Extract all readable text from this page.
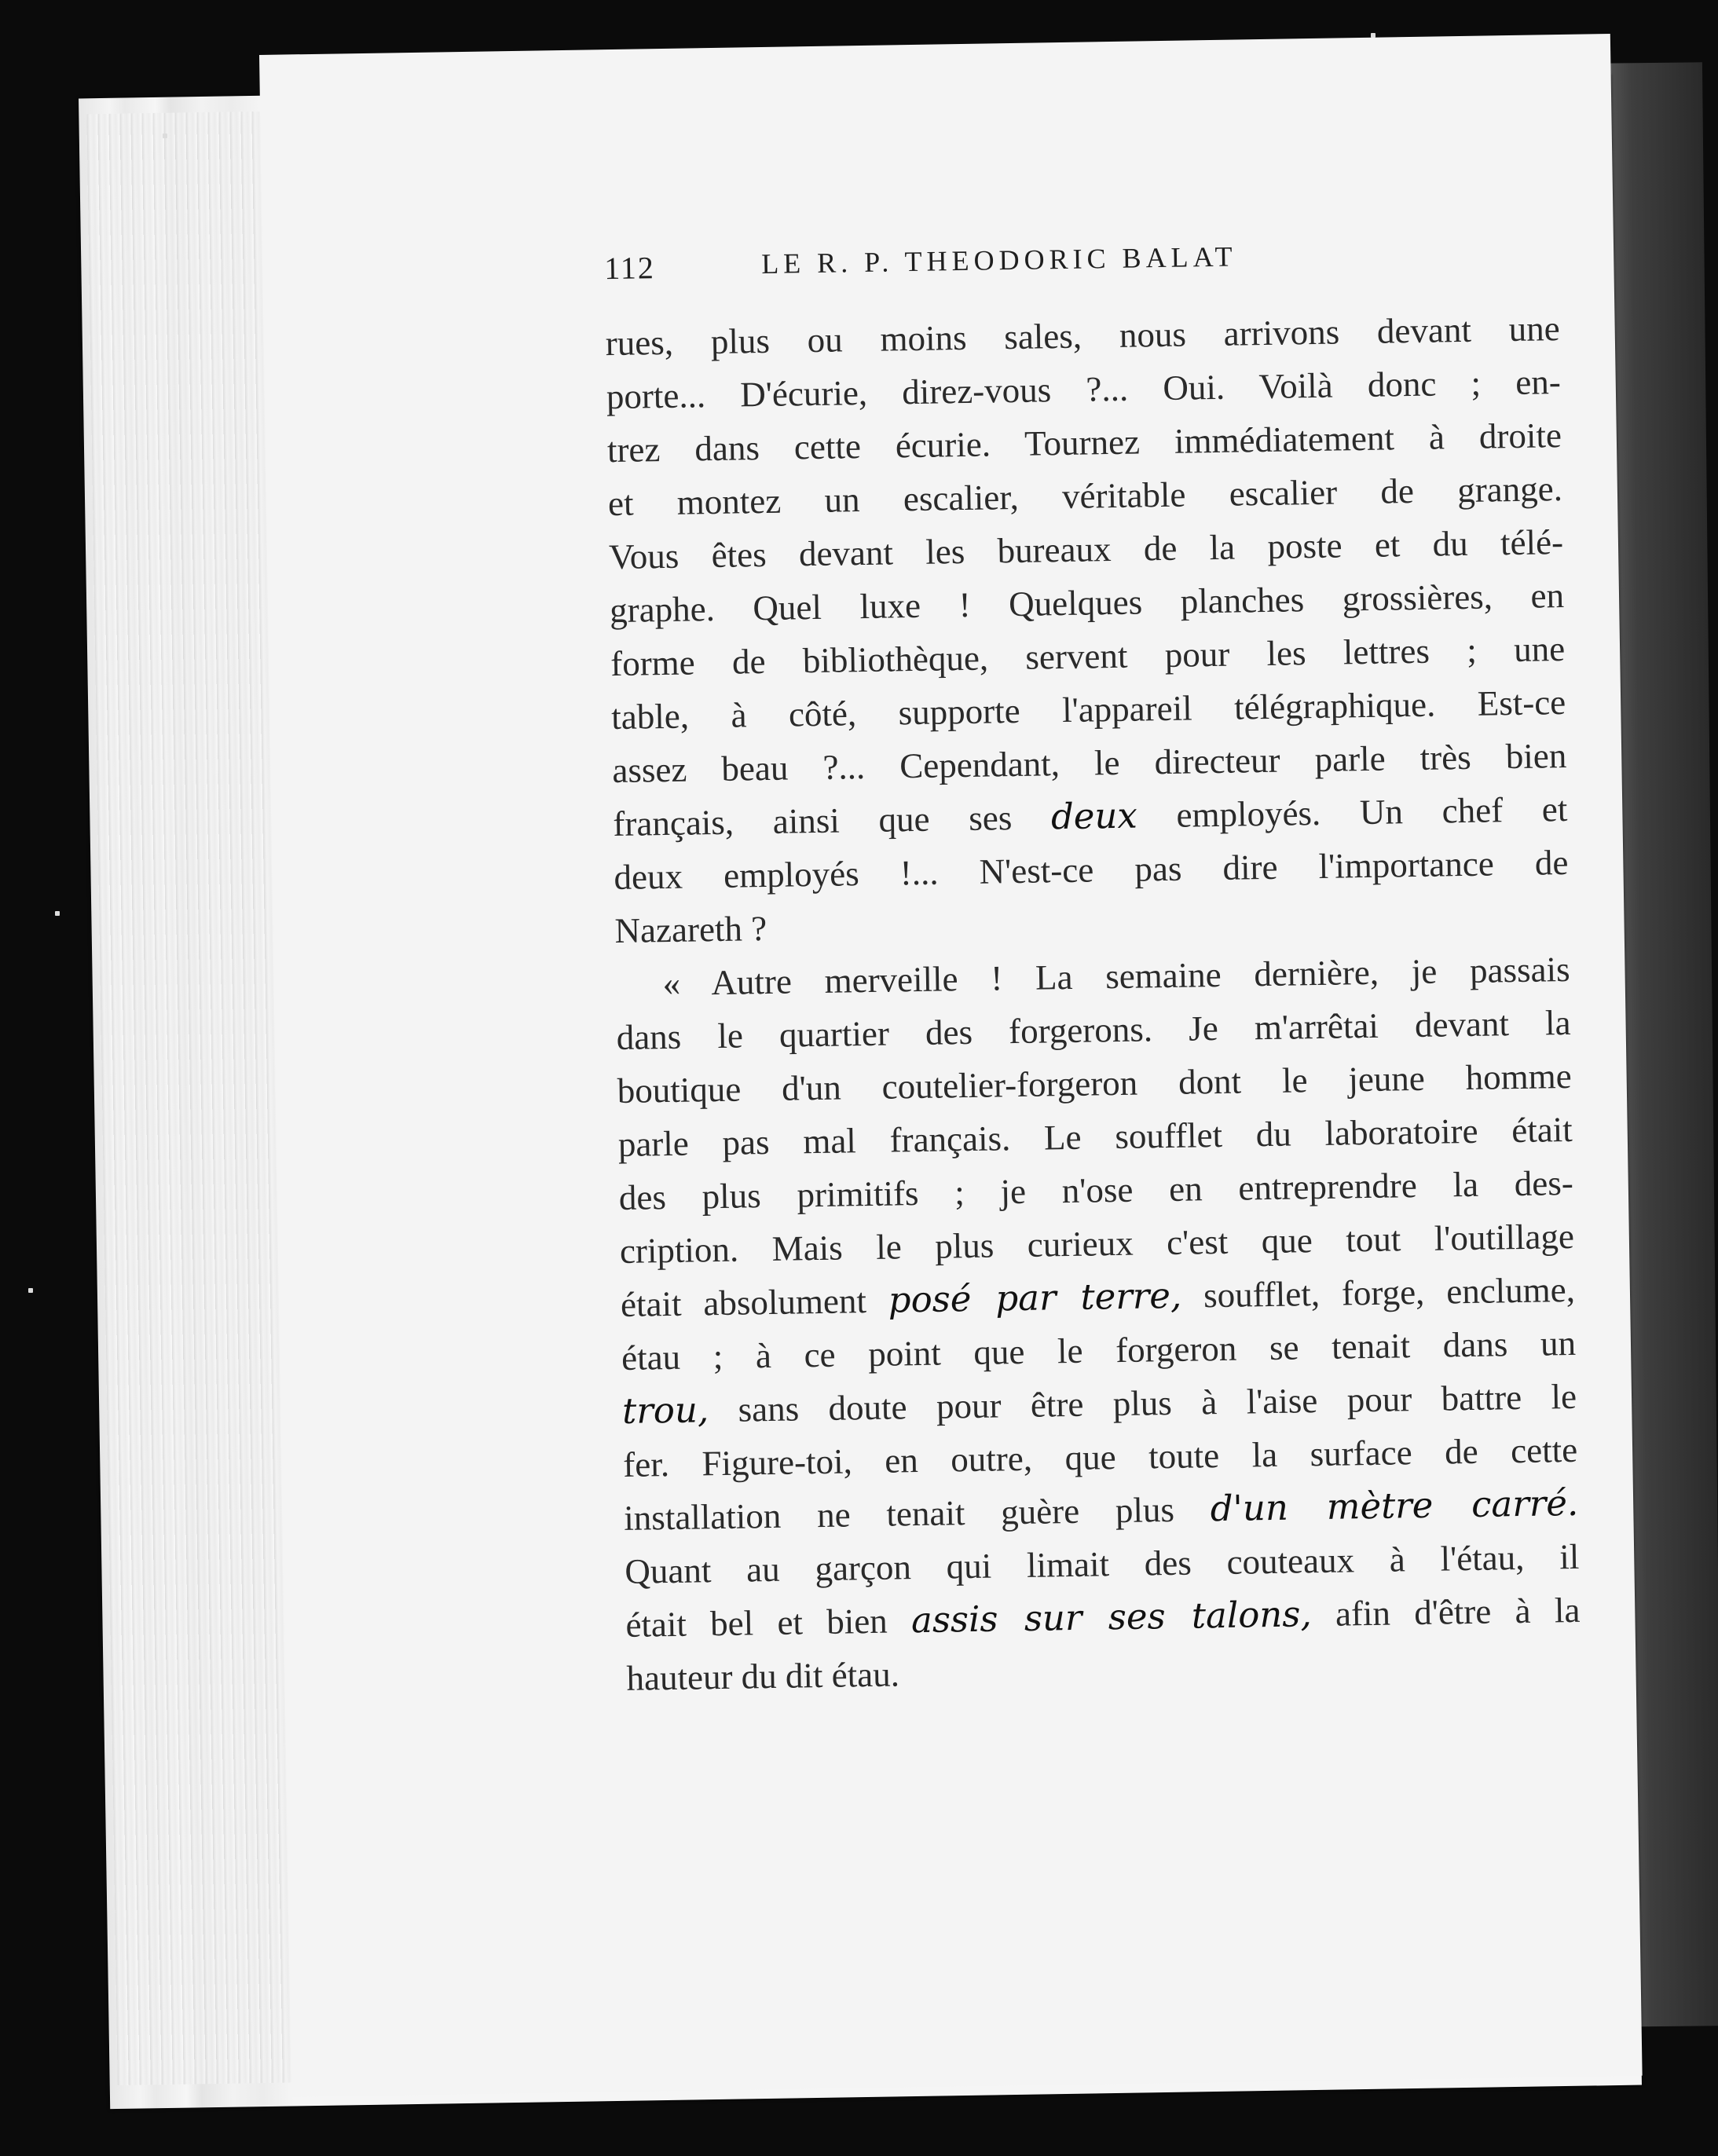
112	LE R. P. THEODORIC BALAT
rues, plus ou moins sales, nous arrivons devant une
porte... D'écurie, direz-vous ?... Oui. Voilà donc ; en-
trez dans cette écurie. Tournez immédiatement à droite
et montez un escalier, véritable escalier de grange.
Vous êtes devant les bureaux de la poste et du télé-
graphe. Quel luxe ! Quelques planches grossières, en
forme de bibliothèque, servent pour les lettres ; une
table, à côté, supporte l'appareil télégraphique. Est-ce
assez beau ?... Cependant, le directeur parle très bien
français, ainsi que ses deux employés. Un chef et
deux employés !... N'est-ce pas dire l'importance de
Nazareth ?
« Autre merveille ! La semaine dernière, je passais
dans le quartier des forgerons. Je m'arrêtai devant la
boutique d'un coutelier-forgeron dont le jeune homme
parle pas mal français. Le soufflet du laboratoire était
des plus primitifs ; je n'ose en entreprendre la des-
cription. Mais le plus curieux c'est que tout l'outillage
était absolument posé par terre, soufflet, forge, enclume,
étau ; à ce point que le forgeron se tenait dans un
trou, sans doute pour être plus à l'aise pour battre le
fer. Figure-toi, en outre, que toute la surface de cette
installation ne tenait guère plus d'un mètre carré.
Quant au garçon qui limait des couteaux à l'étau, il
était bel et bien assis sur ses talons, afin d'être à la
hauteur du dit étau.
